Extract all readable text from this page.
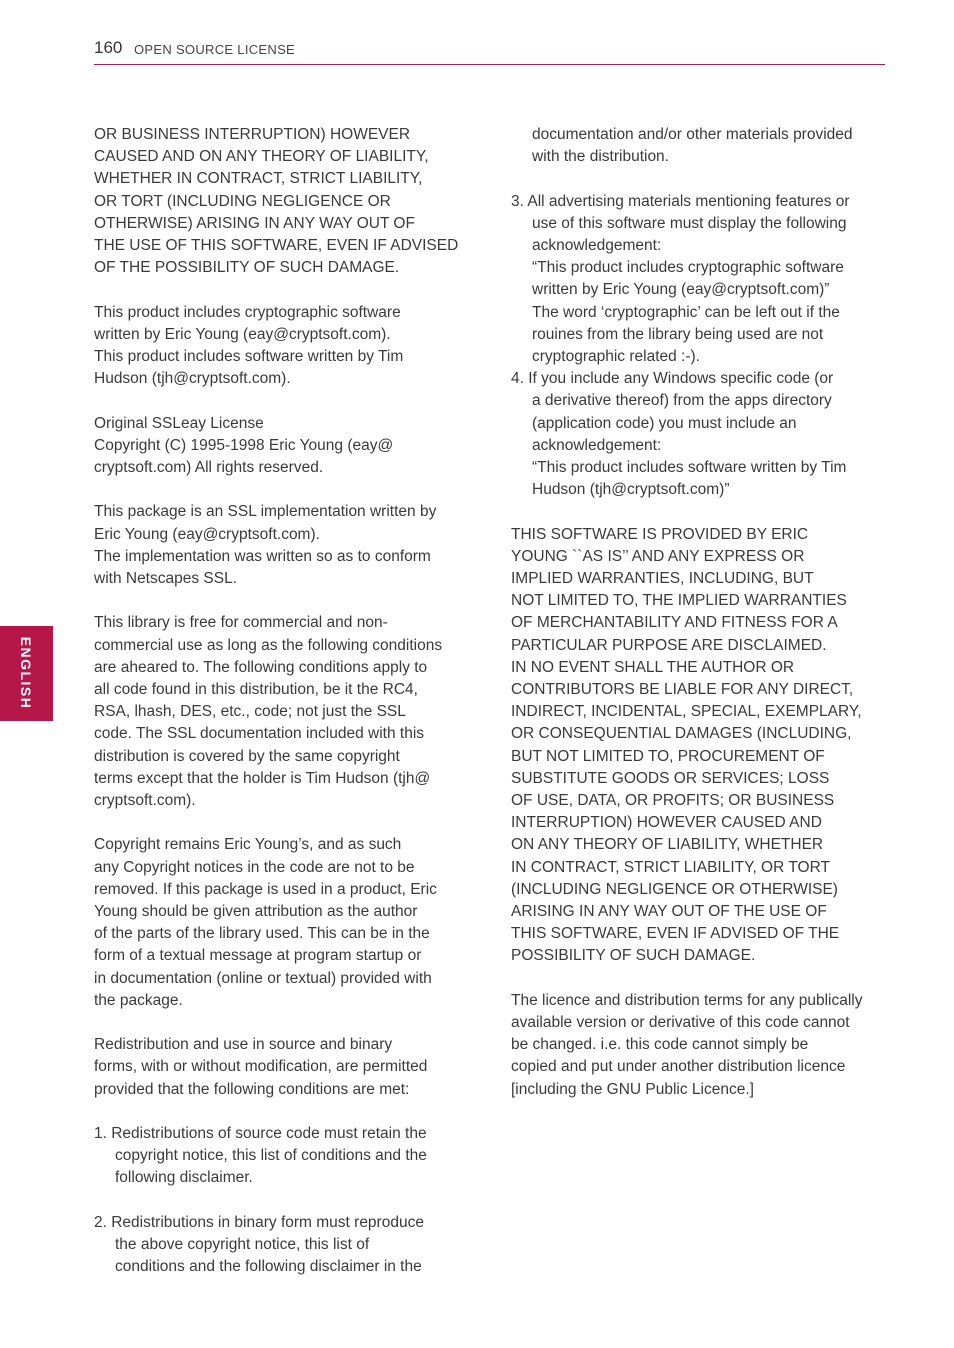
160 OPEN SOURCE LICENSE
ENGLISH

OR BUSINESS INTERRUPTION) HOWEVER
CAUSED AND ON ANY THEORY OF LIABILITY,
WHETHER IN CONTRACT, STRICT LIABILITY,
OR TORT (INCLUDING NEGLIGENCE OR
OTHERWISE) ARISING IN ANY WAY OUT OF
THE USE OF THIS SOFTWARE, EVEN IF ADVISED
OF THE POSSIBILITY OF SUCH DAMAGE.

This product includes cryptographic software
written by Eric Young (eay@cryptsoft.com).
This product includes software written by Tim
Hudson (tjh@cryptsoft.com).

Original SSLeay License
Copyright (C) 1995-1998 Eric Young (eay@
cryptsoft.com) All rights reserved.

This package is an SSL implementation written by
Eric Young (eay@cryptsoft.com).
The implementation was written so as to conform
with Netscapes SSL.

This library is free for commercial and non-
commercial use as long as the following conditions
are aheared to. The following conditions apply to
all code found in this distribution, be it the RC4,
RSA, lhash, DES, etc., code; not just the SSL
code. The SSL documentation included with this
distribution is covered by the same copyright
terms except that the holder is Tim Hudson (tjh@
cryptsoft.com).

Copyright remains Eric Young’s, and as such
any Copyright notices in the code are not to be
removed. If this package is used in a product, Eric
Young should be given attribution as the author
of the parts of the library used. This can be in the
form of a textual message at program startup or
in documentation (online or textual) provided with
the package.

Redistribution and use in source and binary
forms, with or without modification, are permitted
provided that the following conditions are met:

1. Redistributions of source code must retain the
copyright notice, this list of conditions and the
following disclaimer.

2. Redistributions in binary form must reproduce
the above copyright notice, this list of
conditions and the following disclaimer in the

documentation and/or other materials provided
with the distribution.

3. All advertising materials mentioning features or
use of this software must display the following
acknowledgement:
“This product includes cryptographic software
written by Eric Young (eay@cryptsoft.com)”
The word ‘cryptographic’ can be left out if the
rouines from the library being used are not
cryptographic related :-).

4. If you include any Windows specific code (or
a derivative thereof) from the apps directory
(application code) you must include an
acknowledgement:
“This product includes software written by Tim
Hudson (tjh@cryptsoft.com)”

THIS SOFTWARE IS PROVIDED BY ERIC
YOUNG ``AS IS’’ AND ANY EXPRESS OR
IMPLIED WARRANTIES, INCLUDING, BUT
NOT LIMITED TO, THE IMPLIED WARRANTIES
OF MERCHANTABILITY AND FITNESS FOR A
PARTICULAR PURPOSE ARE DISCLAIMED.
IN NO EVENT SHALL THE AUTHOR OR
CONTRIBUTORS BE LIABLE FOR ANY DIRECT,
INDIRECT, INCIDENTAL, SPECIAL, EXEMPLARY,
OR CONSEQUENTIAL DAMAGES (INCLUDING,
BUT NOT LIMITED TO, PROCUREMENT OF
SUBSTITUTE GOODS OR SERVICES; LOSS
OF USE, DATA, OR PROFITS; OR BUSINESS
INTERRUPTION) HOWEVER CAUSED AND
ON ANY THEORY OF LIABILITY, WHETHER
IN CONTRACT, STRICT LIABILITY, OR TORT
(INCLUDING NEGLIGENCE OR OTHERWISE)
ARISING IN ANY WAY OUT OF THE USE OF
THIS SOFTWARE, EVEN IF ADVISED OF THE
POSSIBILITY OF SUCH DAMAGE.

The licence and distribution terms for any publically
available version or derivative of this code cannot
be changed. i.e. this code cannot simply be
copied and put under another distribution licence
[including the GNU Public Licence.]
